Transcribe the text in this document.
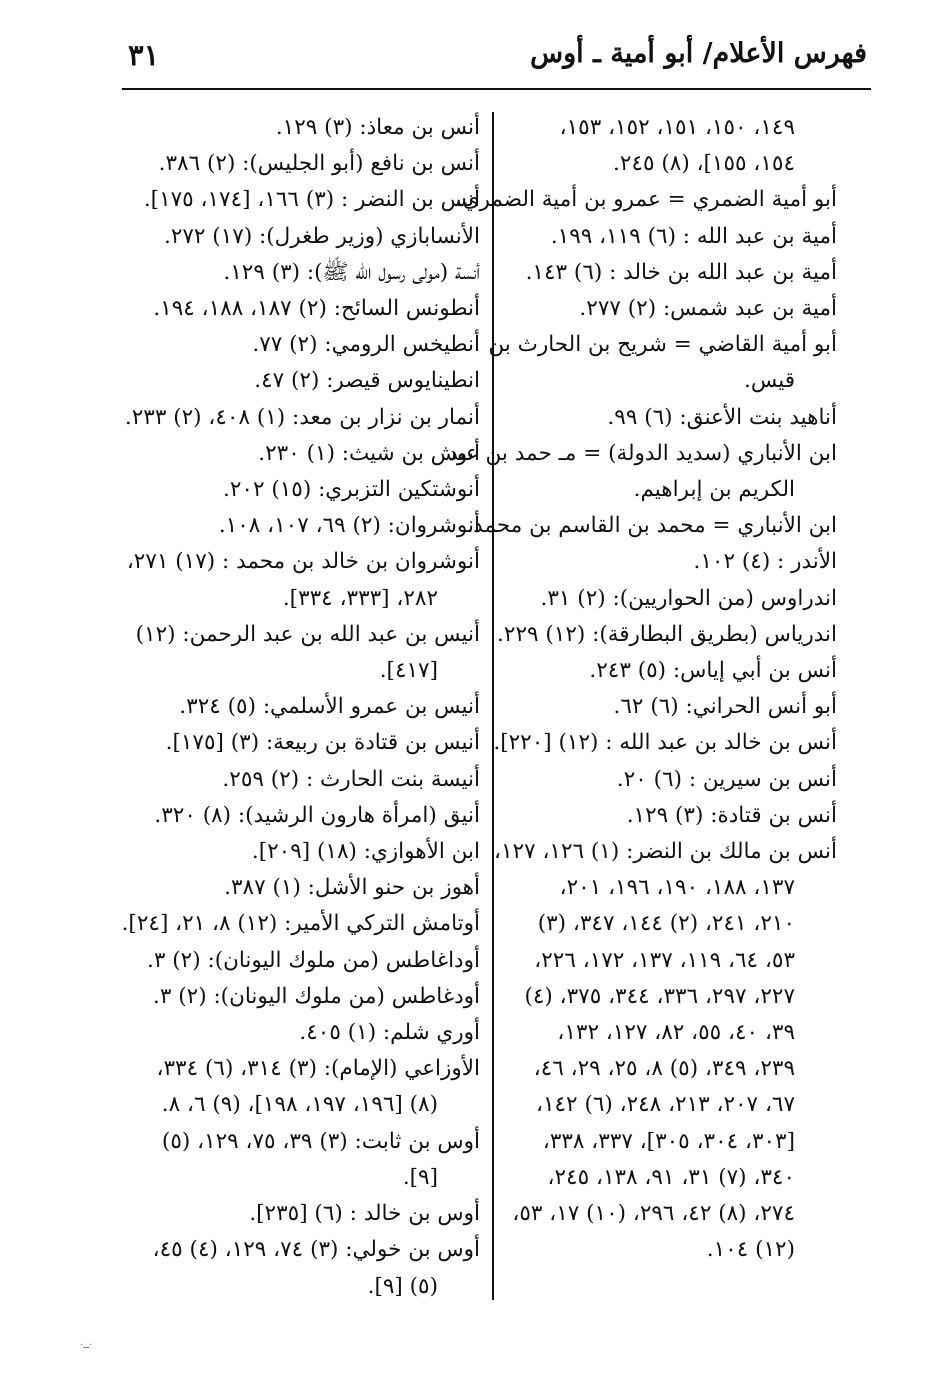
فهرس الأعلام/ أبو أمية ـ أوس
٣١
١٤٩، ١٥٠، ١٥١، ١٥٢، ١٥٣،
١٥٤، ١٥٥]، (٨) ٢٤٥.
أبو أمية الضمري = عمرو بن أمية الضمري.
أمية بن عبد الله : (٦) ١١٩، ١٩٩.
أمية بن عبد الله بن خالد : (٦) ١٤٣.
أمية بن عبد شمس: (٢) ٢٧٧.
أبو أمية القاضي = شريح بن الحارث بن
قيس.
أناهيد بنت الأعنق: (٦) ٩٩.
ابن الأنباري (سديد الدولة) = مـ حمد بن عبد
الكريم بن إبراهيم.
ابن الأنباري = محمد بن القاسم بن محمد.
الأندر : (٤) ١٠٢.
اندراوس (من الحواريين): (٢) ٣١.
اندرياس (بطريق البطارقة): (١٢) ٢٢٩.
أنس بن أبي إياس: (٥) ٢٤٣.
أبو أنس الحراني: (٦) ٦٢.
أنس بن خالد بن عبد الله : (١٢) [٢٢٠].
أنس بن سيرين : (٦) ٢٠.
أنس بن قتادة: (٣) ١٢٩.
أنس بن مالك بن النضر: (١) ١٢٦، ١٢٧،
١٣٧، ١٨٨، ١٩٠، ١٩٦، ٢٠١،
٢١٠، ٢٤١، (٢) ١٤٤، ٣٤٧، (٣)
٥٣، ٦٤، ١١٩، ١٣٧، ١٧٢، ٢٢٦،
٢٢٧، ٢٩٧، ٣٣٦، ٣٤٤، ٣٧٥، (٤)
٣٩، ٤٠، ٥٥، ٨٢، ١٢٧، ١٣٢،
٢٣٩، ٣٤٩، (٥) ٨، ٢٥، ٢٩، ٤٦،
٦٧، ٢٠٧، ٢١٣، ٢٤٨، (٦) ١٤٢،
[٣٠٣، ٣٠٤، ٣٠٥]، ٣٣٧، ٣٣٨،
٣٤٠، (٧) ٣١، ٩١، ١٣٨، ٢٤٥،
٢٧٤، (٨) ٤٢، ٢٩٦، (١٠) ١٧، ٥٣،
(١٢) ١٠٤.
أنس بن معاذ: (٣) ١٢٩.
أنس بن نافع (أبو الجليس): (٢) ٣٨٦.
أنس بن النضر : (٣) ١٦٦، [١٧٤، ١٧٥].
الأنسابازي (وزير طغرل): (١٧) ٢٧٢.
أنسة (مولى رسول الله ﷺ): (٣) ١٢٩.
أنطونس السائح: (٢) ١٨٧، ١٨٨، ١٩٤.
أنطيخس الرومي: (٢) ٧٧.
انطينايوس قيصر: (٢) ٤٧.
أنمار بن نزار بن معد: (١) ٤٠٨، (٢) ٢٣٣.
أنوش بن شيث: (١) ٢٣٠.
أنوشتكين التزبري: (١٥) ٢٠٢.
أنوشروان: (٢) ٦٩، ١٠٧، ١٠٨.
أنوشروان بن خالد بن محمد : (١٧) ٢٧١،
٢٨٢، [٣٣٣، ٣٣٤].
أنيس بن عبد الله بن عبد الرحمن: (١٢)
[٤١٧].
أنيس بن عمرو الأسلمي: (٥) ٣٢٤.
أنيس بن قتادة بن ربيعة: (٣) [١٧٥].
أنيسة بنت الحارث : (٢) ٢٥٩.
أنيق (امرأة هارون الرشيد): (٨) ٣٢٠.
ابن الأهوازي: (١٨) [٢٠٩].
أهوز بن حنو الأشل: (١) ٣٨٧.
أوتامش التركي الأمير: (١٢) ٨، ٢١، [٢٤].
أوداغاطس (من ملوك اليونان): (٢) ٣.
أودغاطس (من ملوك اليونان): (٢) ٣.
أوري شلم: (١) ٤٠٥.
الأوزاعي (الإمام): (٣) ٣١٤، (٦) ٣٣٤،
(٨) [١٩٦، ١٩٧، ١٩٨]، (٩) ٦، ٨.
أوس بن ثابت: (٣) ٣٩، ٧٥، ١٢٩، (٥)
[٩].
أوس بن خالد : (٦) [٢٣٥].
أوس بن خولي: (٣) ٧٤، ١٢٩، (٤) ٤٥،
(٥) [٩].
·ــ·
